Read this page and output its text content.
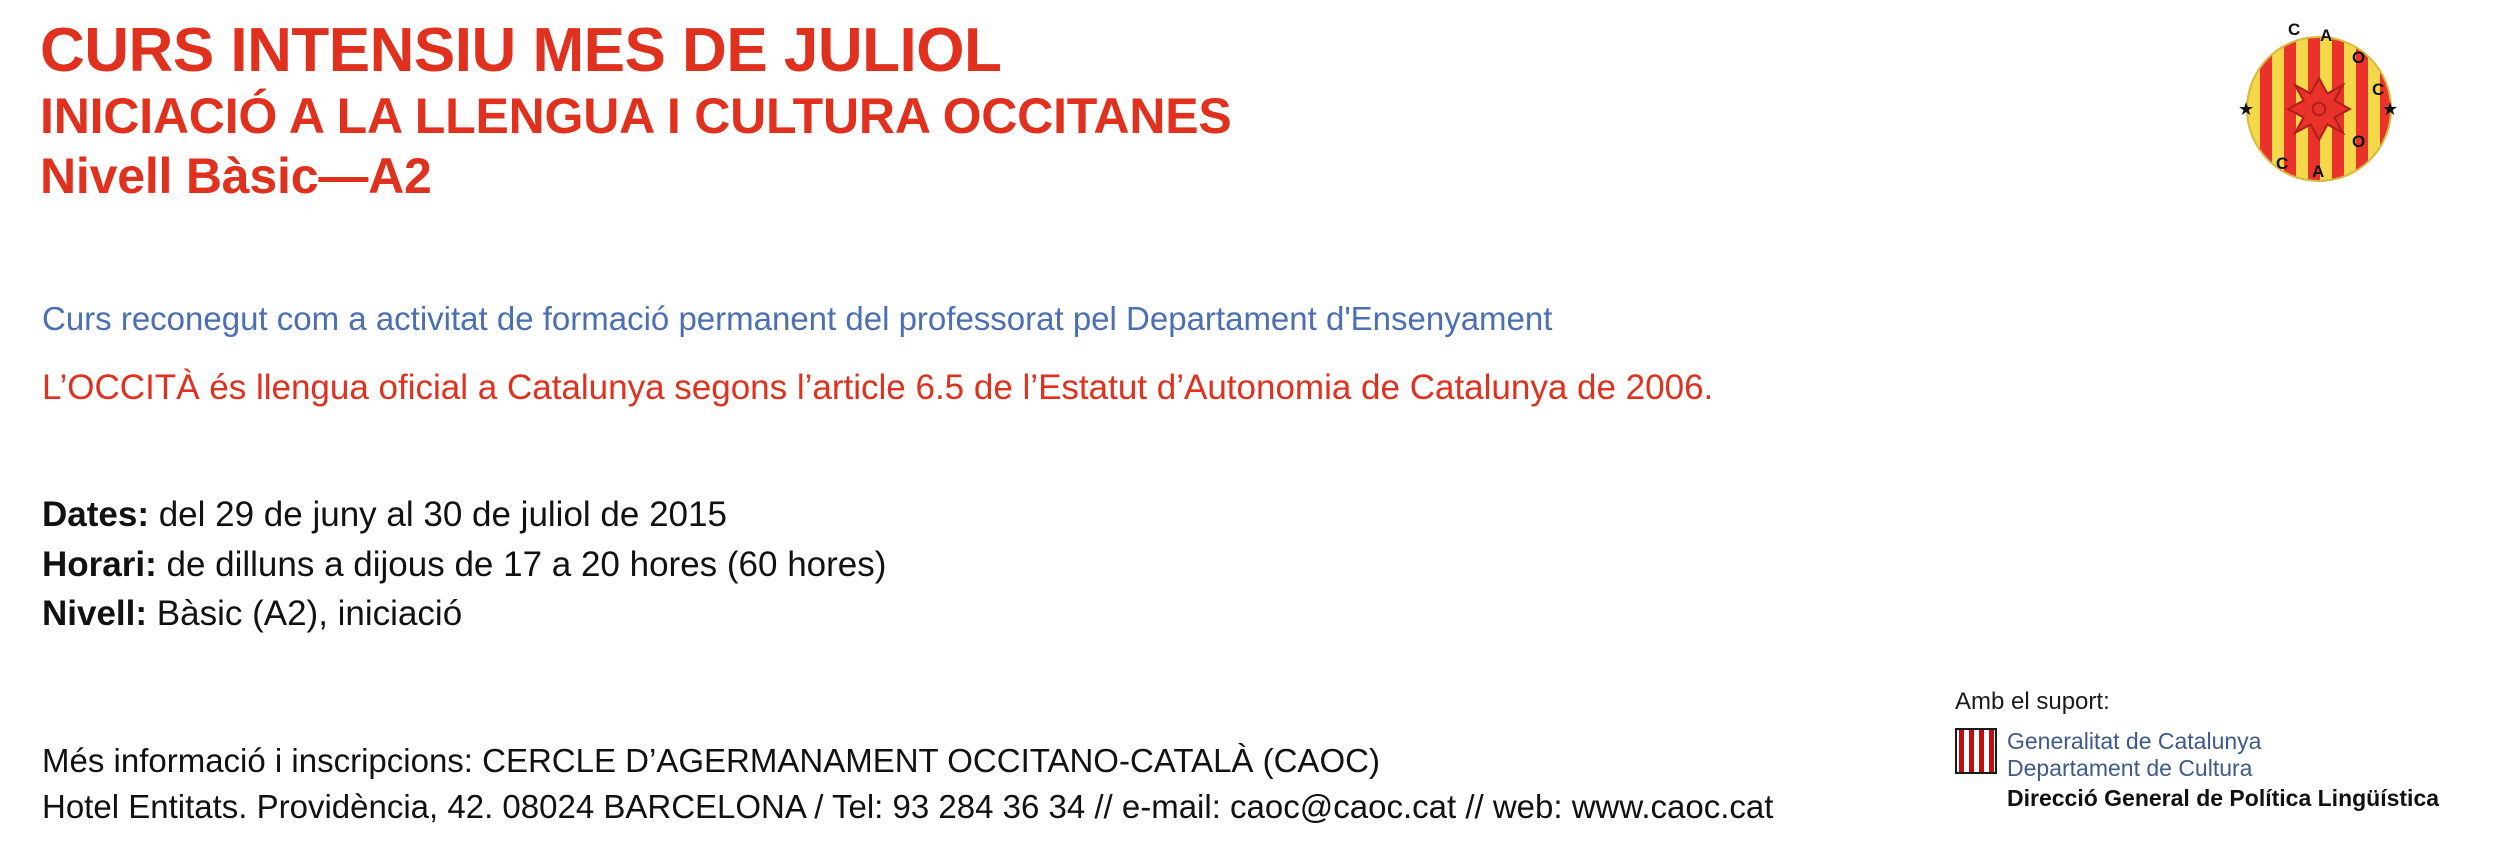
CURS INTENSIU MES DE JULIOL
INICIACIÓ A LA LLENGUA I CULTURA OCCITANES
Nivell Bàsic—A2
Curs reconegut com a activitat de formació permanent del professorat pel Departament d'Ensenyament
L’OCCITÀ és llengua oficial a Catalunya segons l’article 6.5 de l’Estatut d’Autonomia de Catalunya de 2006.
Dates: del 29 de juny al 30 de juliol de 2015
Horari: de dilluns a dijous de 17 a 20 hores (60 hores)
Nivell: Bàsic (A2), iniciació
Més informació i inscripcions: CERCLE D’AGERMANAMENT OCCITANO-CATALÀ (CAOC)
Hotel Entitats. Providència, 42. 08024 BARCELONA / Tel: 93 284 36 34 // e-mail: caoc@caoc.cat // web: www.caoc.cat
C A
O
C
O
A
C
★	★
Amb el suport:
Generalitat de Catalunya
Departament de Cultura
Direcció General de Política Lingüística
